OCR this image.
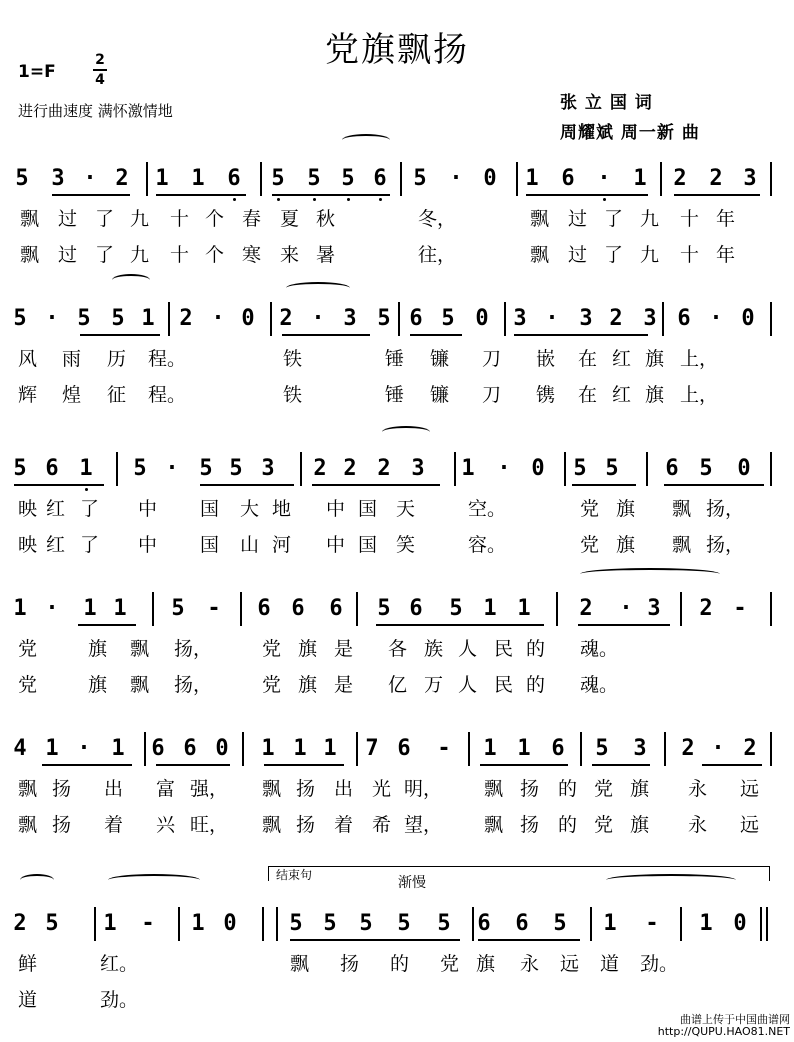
党旗飘扬
1=F
2
4
进行曲速度 满怀激情地	张 立 国 词
周耀斌 周一新 曲
结束句	渐慢
5 3 · 2 1 1 6 5 5 5 6 5 · 0 1 6 · 1 2 2 3
飘 过 了 九 十 个 春 夏 秋	冬，	飘 过 了 九 十 年
飘 过 了 九 十 个 寒 来 暑	往，	飘 过 了 九 十 年
5 · 5 5 1 2 · 0 2 · 3 5 6 5 0 3 · 3 2 3 6 · 0
风 雨 历 程。	铁	锤 镰 刀 嵌 在 红 旗 上，
辉 煌 征 程。	铁	锤 镰 刀 镌 在 红 旗 上，
5 6 1 5 · 5 5 3 2 2 2 3 1 · 0 5 5 6 5 0
映 红 了 中 国 大 地 中 国 天	空。	党 旗 飘 扬，
映 红 了 中 国 山 河 中 国 笑	容。	党 旗 飘 扬，
1 · 1 1 5 - 6 6 6 5 6 5 1 1 2 · 3 2 -
党	旗 飘 扬，	党 旗 是 各 族 人 民 的 魂。
党	旗 飘 扬，	党 旗 是 亿 万 人 民 的 魂。
4 1 · 1 6 6 0 1 1 1 7 6 - 1 1 6 5 3 2 · 2
飘 扬 出 富 强， 飘 扬 出 光 明， 飘 扬 的 党 旗 永 远
飘 扬 着 兴 旺， 飘 扬 着 希 望， 飘 扬 的 党 旗 永 远
2 5 1 - 1 0 5 5 5 5 5 6 6 5 1 - 1 0
鲜	红。	飘 扬 的 党 旗 永 远 道 劲。
道	劲。
曲谱上传于中国曲谱网
http://QUPU.HAO81.NET
